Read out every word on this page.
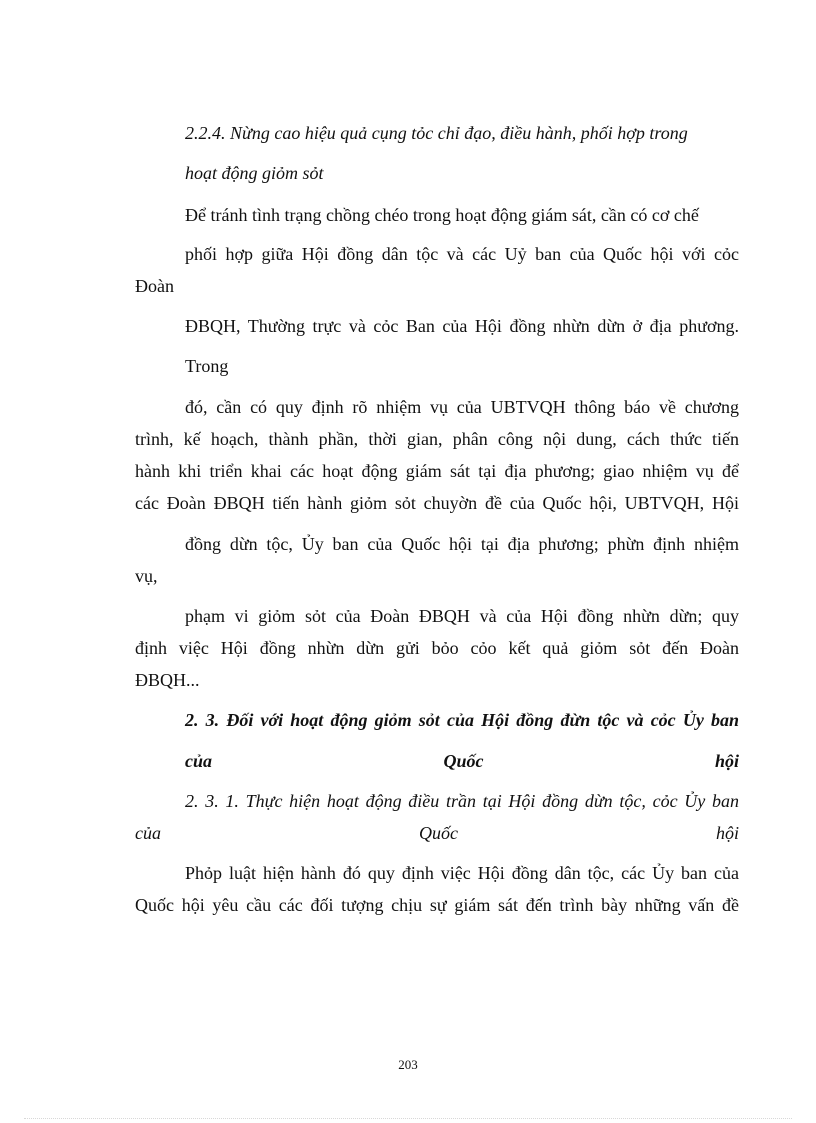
2.2.4. Nừng cao hiệu quả cụng tỏc chỉ đạo, điều hành, phối hợp trong

hoạt động giỏm sỏt

Để tránh tình trạng chồng chéo trong hoạt động giám sát, cần có cơ chế

phối hợp giữa Hội đồng dân tộc và các Uỷ ban của Quốc hội với cỏc

Đoàn

ĐBQH, Thường trực và cỏc Ban của Hội đồng nhừn dừn ở địa phương.

Trong

đó, cần có quy định rõ nhiệm vụ của UBTVQH thông báo về chương

trình, kế hoạch, thành phần, thời gian, phân công nội dung, cách thức tiến

hành khi triển khai các hoạt động giám sát tại địa phương; giao nhiệm vụ để

các Đoàn ĐBQH tiến hành giỏm sỏt chuyờn đề của Quốc hội, UBTVQH, Hội

đồng dừn tộc, Ủy ban của Quốc hội tại địa phương; phừn định nhiệm

vụ,

phạm vi giỏm sỏt của Đoàn ĐBQH và của Hội đồng nhừn dừn; quy

định việc Hội đồng nhừn dừn gửi bỏo cỏo kết quả giỏm sỏt đến Đoàn

ĐBQH...

2. 3. Đối với hoạt động giỏm sỏt của Hội đồng đừn tộc và cỏc Ủy ban

của Quốc hội

2. 3. 1. Thực hiện hoạt động điều trần tại Hội đồng dừn tộc, cỏc Ủy ban

của Quốc hội

Phỏp luật hiện hành đó quy định việc Hội đồng dân tộc, các Ủy ban của

Quốc hội yêu cầu các đối tượng chịu sự giám sát đến trình bày những vấn đề

203
